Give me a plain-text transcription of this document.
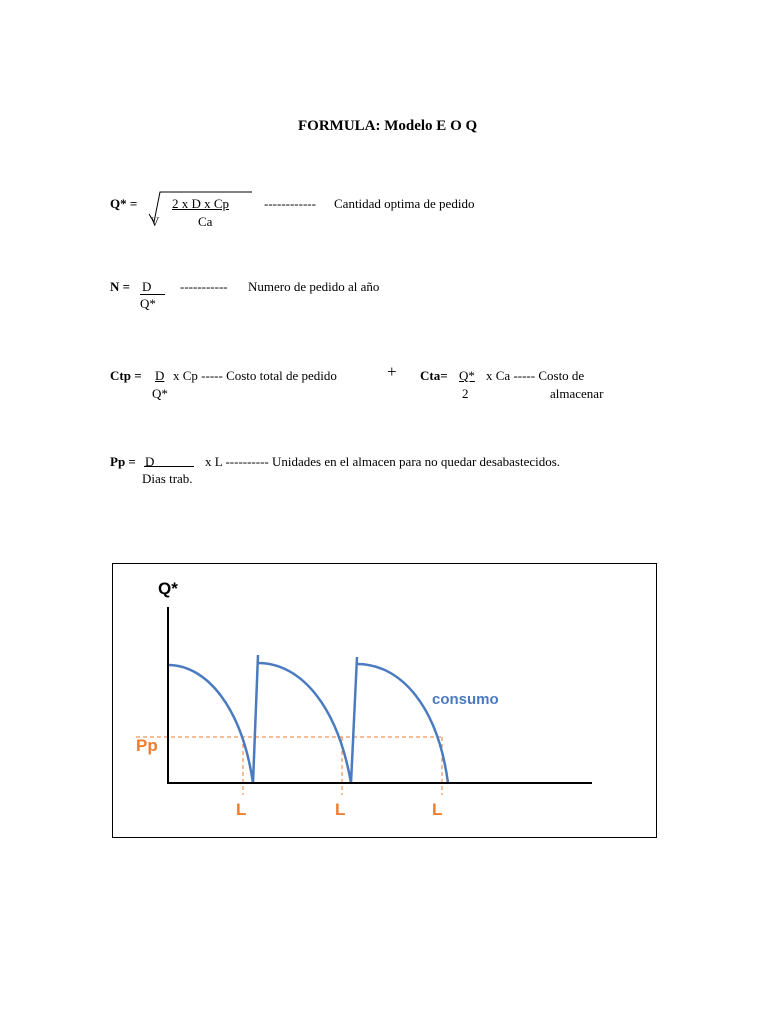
FORMULA: Modelo E O Q
Q* =	2 x D x Cp
V	Ca
------------ Cantidad optima de pedido
N = D
Q*
----------- Numero de pedido al año
Ctp = D x Cp ----- Costo total de pedido
Q*
+ Cta= Q* x Ca ----- Costo de
2	almacenar
Pp = D	x L ---------- Unidades en el almacen para no quedar desabastecidos.
Dias trab.
Q*
Pp
consumo
L	L	L
